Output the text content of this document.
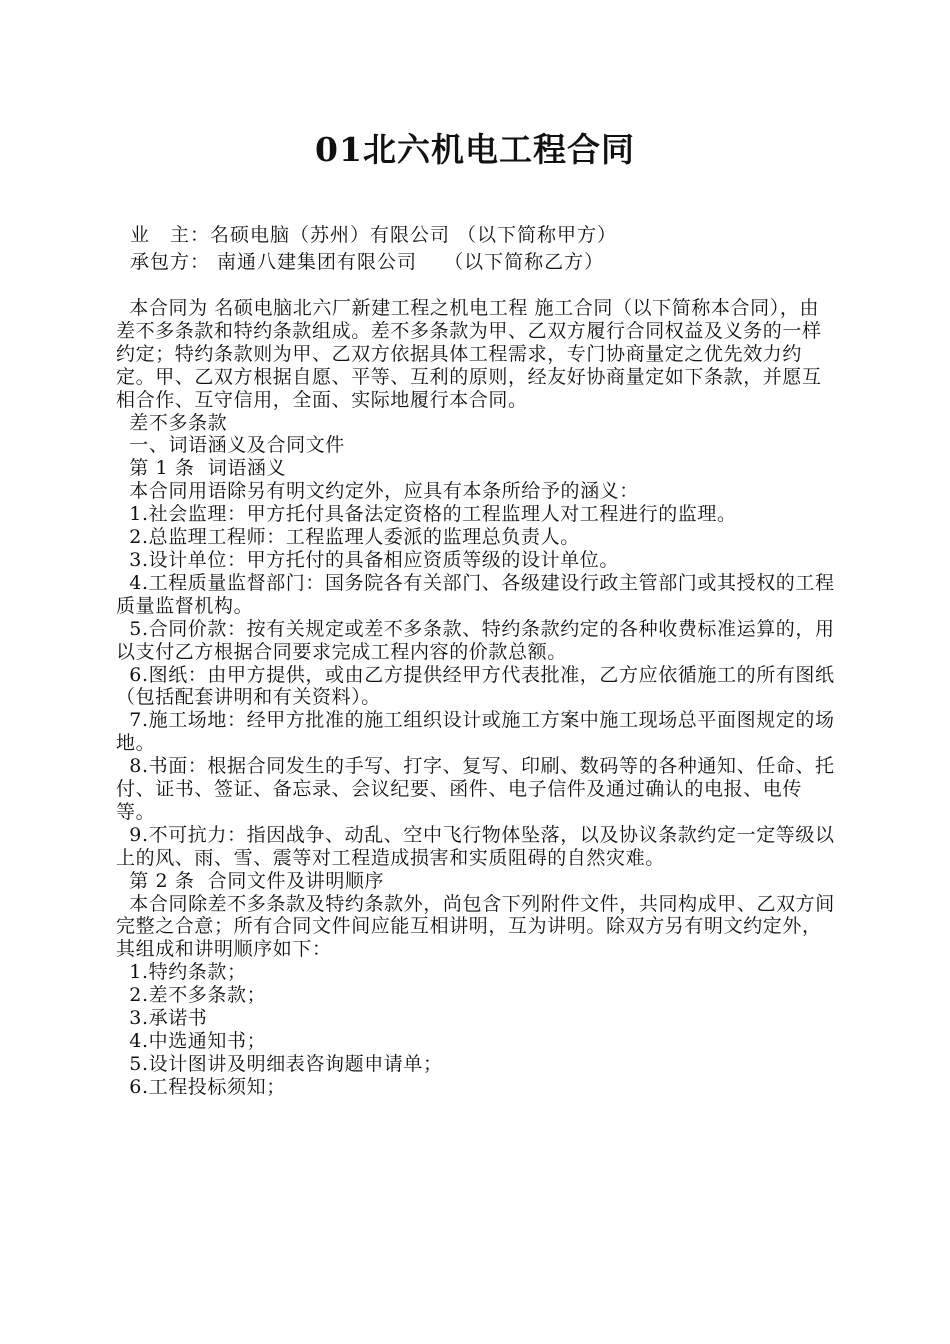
01北六机电工程合同
业　主：名硕电脑（苏州）有限公司 （以下简称甲方）
承包方： 南通八建集团有限公司　 （以下简称乙方）

本合同为 名硕电脑北六厂新建工程之机电工程 施工合同（以下简称本合同），由差不多条款和特约条款组成。差不多条款为甲、乙双方履行合同权益及义务的一样约定；特约条款则为甲、乙双方依据具体工程需求，专门协商量定之优先效力约定。甲、乙双方根据自愿、平等、互利的原则，经友好协商量定如下条款，并愿互相合作、互守信用，全面、实际地履行本合同。

差不多条款

一、词语涵义及合同文件

第 1 条  词语涵义

本合同用语除另有明文约定外，应具有本条所给予的涵义：

1.社会监理：甲方托付具备法定资格的工程监理人对工程进行的监理。

2.总监理工程师：工程监理人委派的监理总负责人。

3.设计单位：甲方托付的具备相应资质等级的设计单位。

4.工程质量监督部门：国务院各有关部门、各级建设行政主管部门或其授权的工程质量监督机构。

5.合同价款：按有关规定或差不多条款、特约条款约定的各种收费标准运算的，用以支付乙方根据合同要求完成工程内容的价款总额。

6.图纸：由甲方提供，或由乙方提供经甲方代表批准，乙方应依循施工的所有图纸（包括配套讲明和有关资料）。

7.施工场地：经甲方批准的施工组织设计或施工方案中施工现场总平面图规定的场地。

8.书面：根据合同发生的手写、打字、复写、印刷、数码等的各种通知、任命、托付、证书、签证、备忘录、会议纪要、函件、电子信件及通过确认的电报、电传等。

9.不可抗力：指因战争、动乱、空中飞行物体坠落，以及协议条款约定一定等级以上的风、雨、雪、震等对工程造成损害和实质阻碍的自然灾难。

第 2 条  合同文件及讲明顺序

本合同除差不多条款及特约条款外，尚包含下列附件文件，共同构成甲、乙双方间完整之合意；所有合同文件间应能互相讲明，互为讲明。除双方另有明文约定外，其组成和讲明顺序如下：

1.特约条款；

2.差不多条款；

3.承诺书

4.中选通知书；

5.设计图讲及明细表咨询题申请单；

6.工程投标须知；
